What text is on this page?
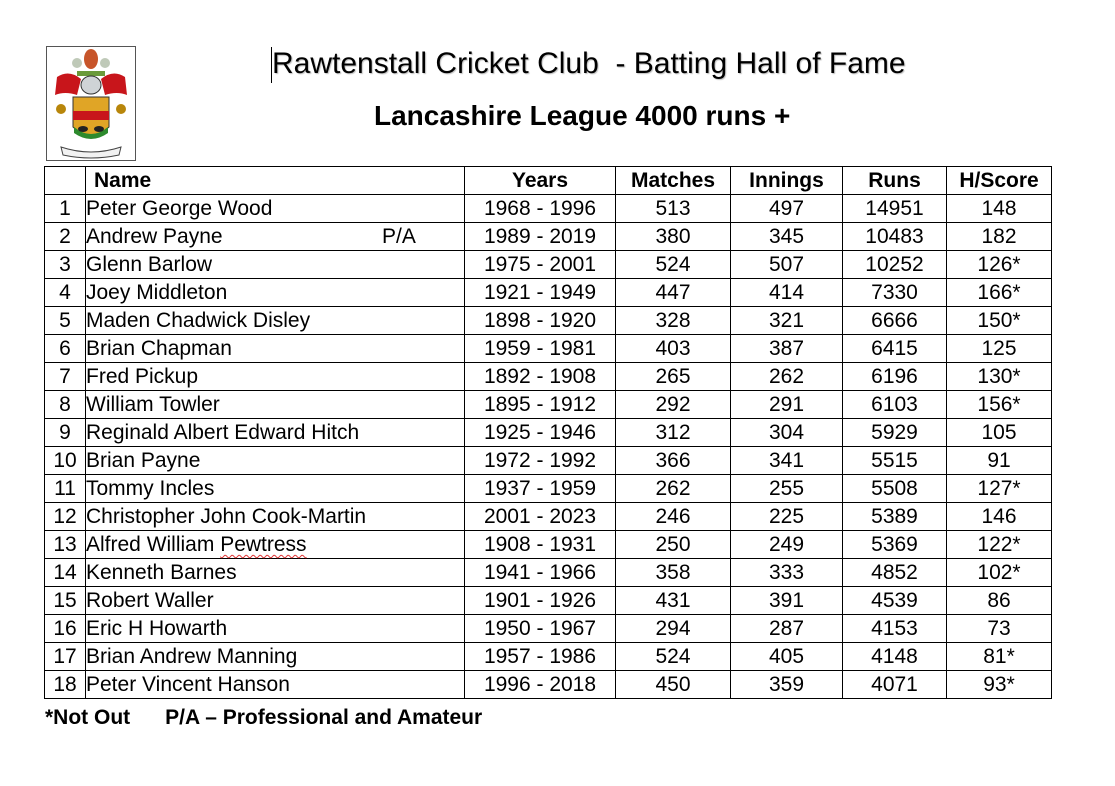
Rawtenstall Cricket Club  - Batting Hall of Fame
Lancashire League 4000 runs +
	Name	Years	Matches	Innings	Runs	H/Score
1	Peter George Wood	1968 - 1996	513	497	14951	148
2	Andrew Payne P/A	1989 - 2019	380	345	10483	182
3	Glenn Barlow	1975 - 2001	524	507	10252	126*
4	Joey Middleton	1921 - 1949	447	414	7330	166*
5	Maden Chadwick Disley	1898 - 1920	328	321	6666	150*
6	Brian Chapman	1959 - 1981	403	387	6415	125
7	Fred Pickup	1892 - 1908	265	262	6196	130*
8	William Towler	1895 - 1912	292	291	6103	156*
9	Reginald Albert Edward Hitch	1925 - 1946	312	304	5929	105
10	Brian Payne	1972 - 1992	366	341	5515	91
11	Tommy Incles	1937 - 1959	262	255	5508	127*
12	Christopher John Cook-Martin	2001 - 2023	246	225	5389	146
13	Alfred William Pewtress	1908 - 1931	250	249	5369	122*
14	Kenneth Barnes	1941 - 1966	358	333	4852	102*
15	Robert Waller	1901 - 1926	431	391	4539	86
16	Eric H Howarth	1950 - 1967	294	287	4153	73
17	Brian Andrew Manning	1957 - 1986	524	405	4148	81*
18	Peter Vincent Hanson	1996 - 2018	450	359	4071	93*
*Not Out      P/A – Professional and Amateur
